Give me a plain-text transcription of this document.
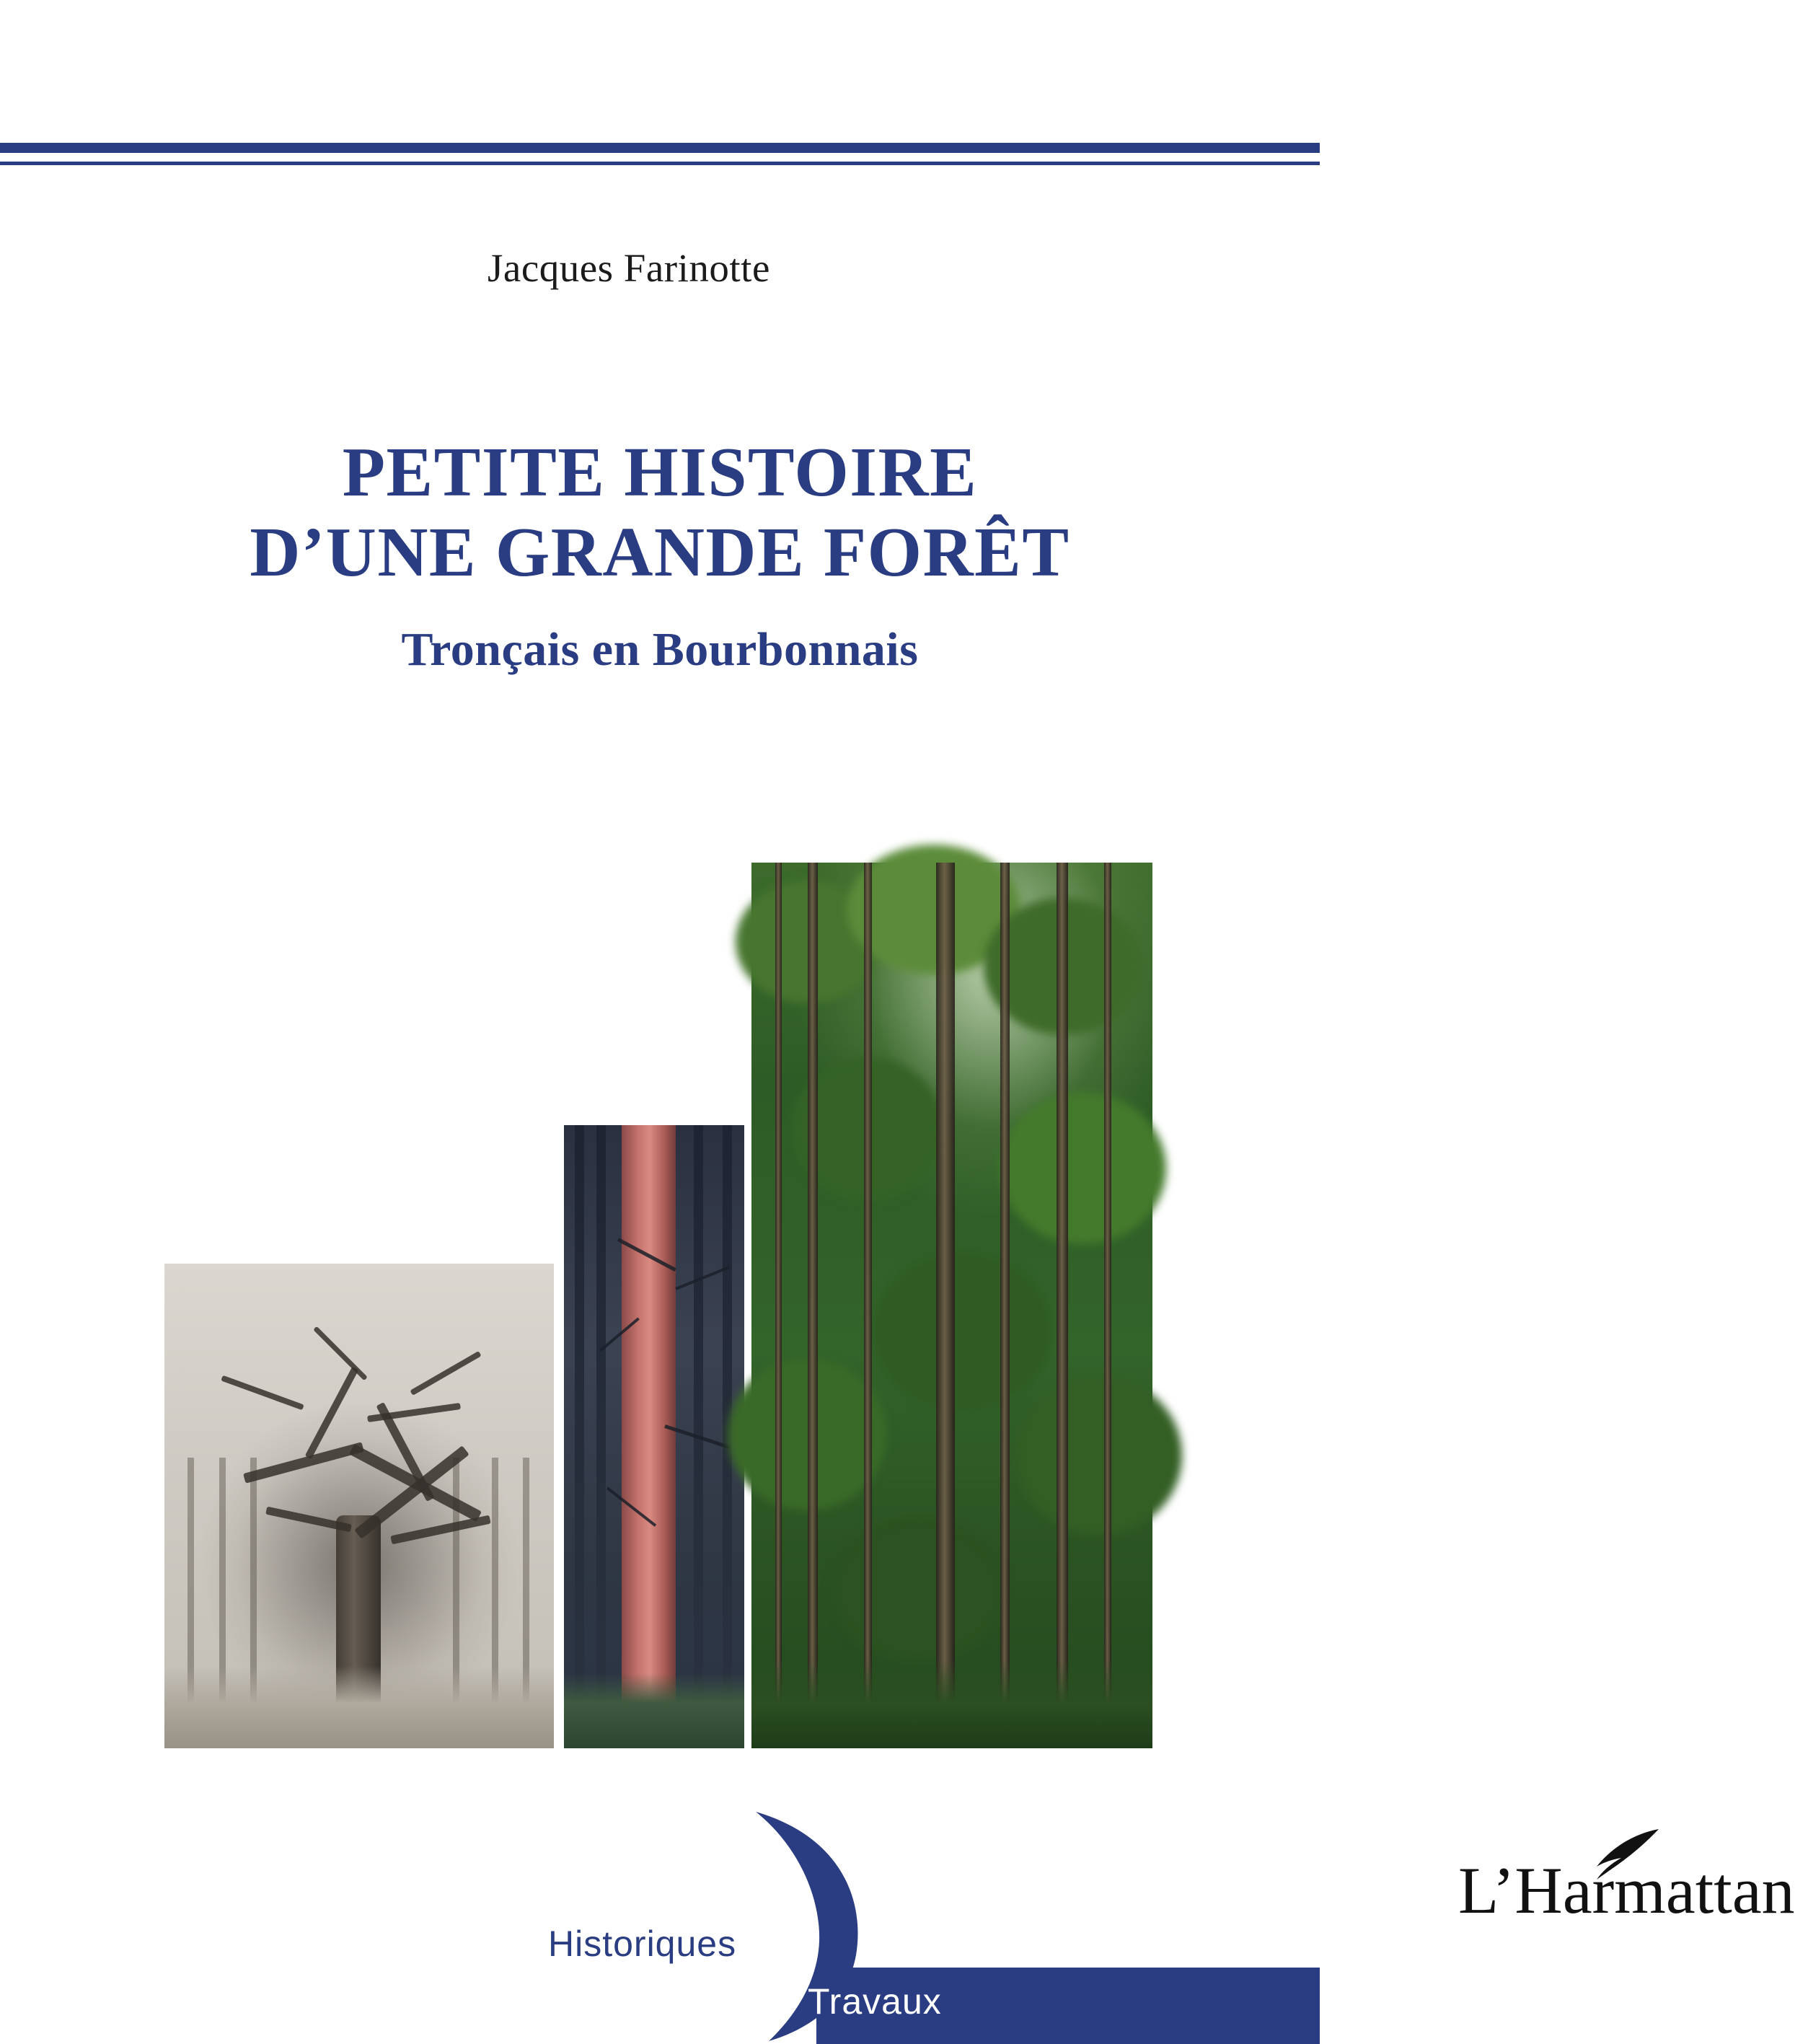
Jacques Farinotte
PETITE HISTOIRE
D’UNE GRANDE FORÊT
Tronçais en Bourbonnais
Historiques
Travaux
L’Harmattan
